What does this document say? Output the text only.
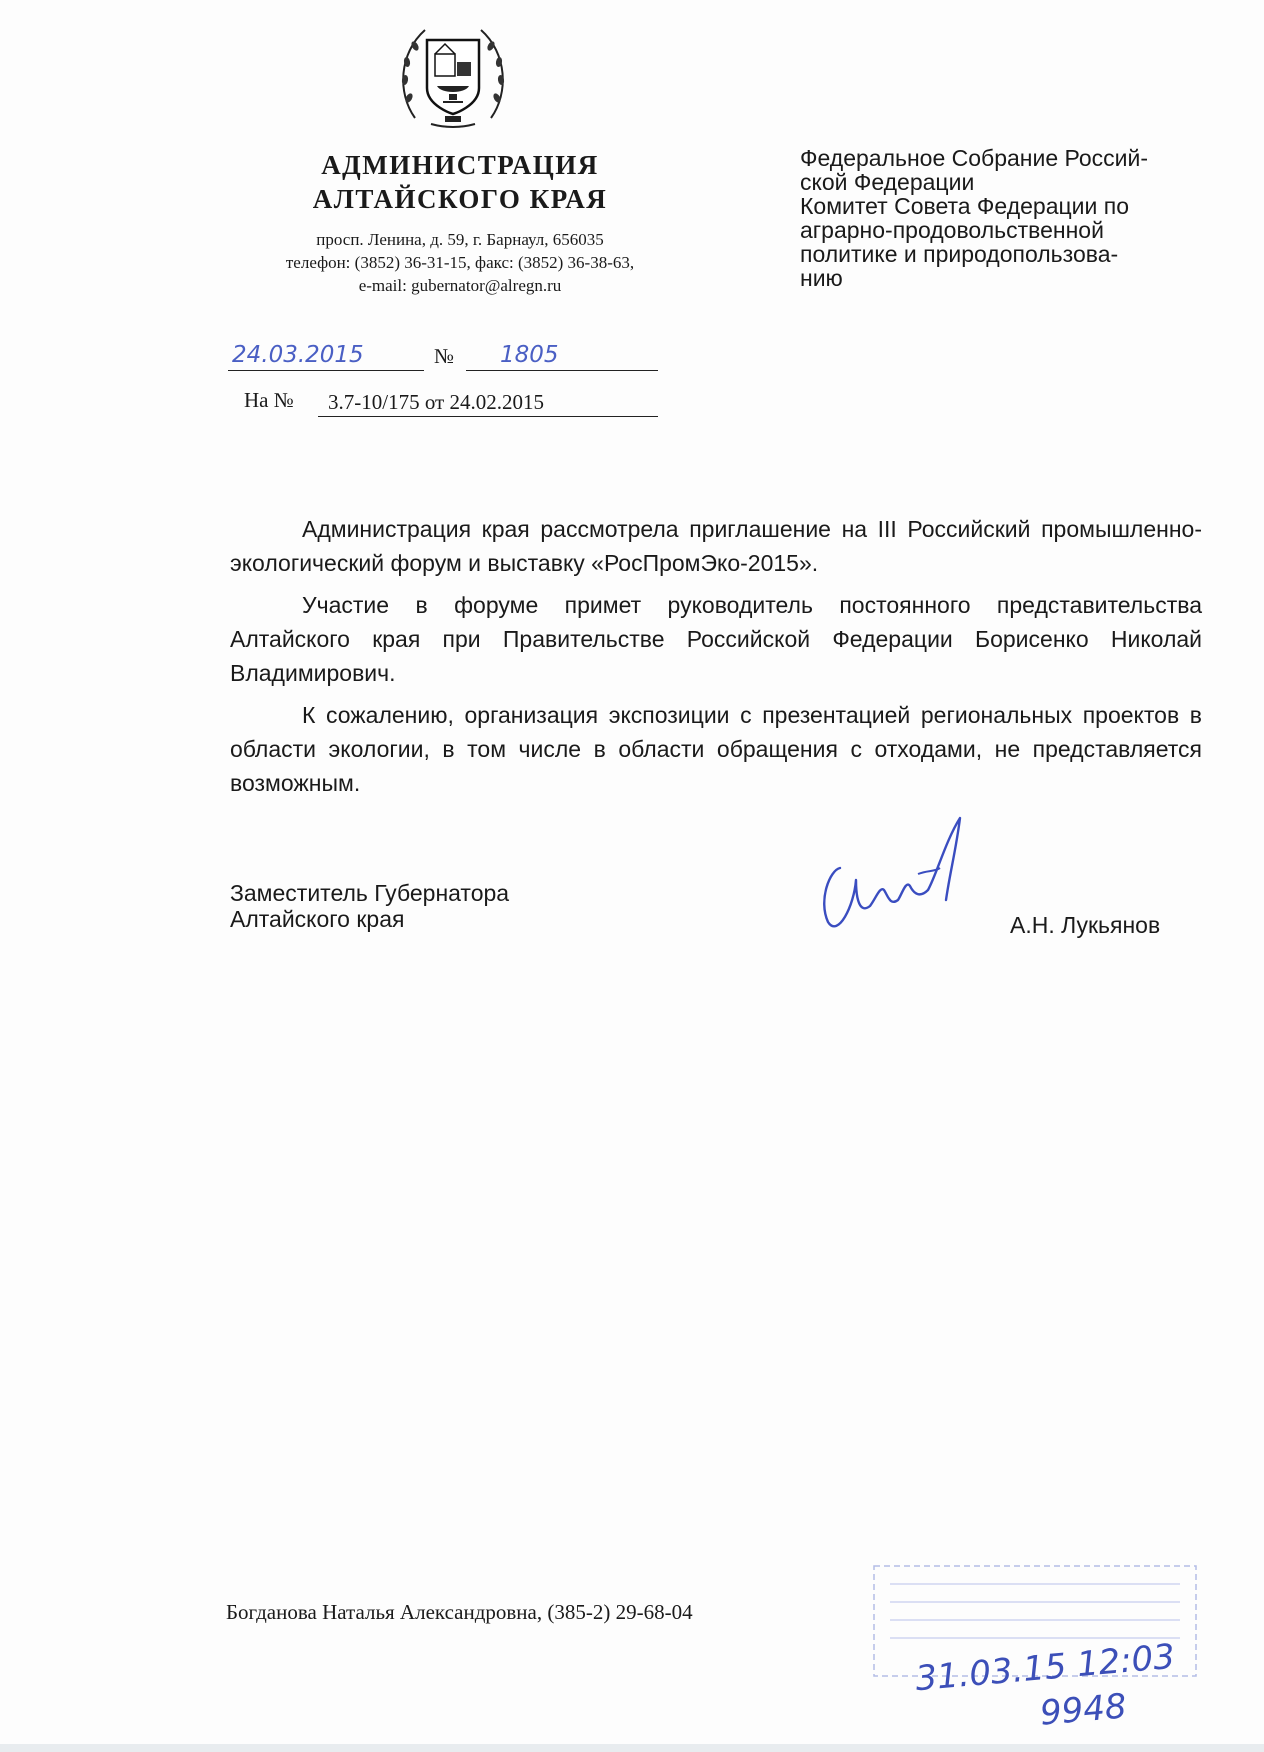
АДМИНИСТРАЦИЯ
АЛТАЙСКОГО КРАЯ
просп. Ленина, д. 59, г. Барнаул, 656035
телефон: (3852) 36-31-15, факс: (3852) 36-38-63,
e-mail: gubernator@alregn.ru
Федеральное Собрание Россий-
ской Федерации
Комитет Совета Федерации по
аграрно-продовольственной
политике и природопользова-
нию
24.03.2015	№ 1805
На № 3.7-10/175 от 24.02.2015

Администрация края рассмотрела приглашение на III Российский промышленно-экологический форум и выставку «РосПромЭко-2015».

Участие в форуме примет руководитель постоянного представительства Алтайского края при Правительстве Российской Федерации Борисенко Николай Владимирович.

К сожалению, организация экспозиции с презентацией региональных проектов в области экологии, в том числе в области обращения с отходами, не представляется возможным.

Заместитель Губернатора
Алтайского края	А.Н. Лукьянов
Богданова Наталья Александровна, (385-2) 29-68-04
31.03.15 12:03
9948
